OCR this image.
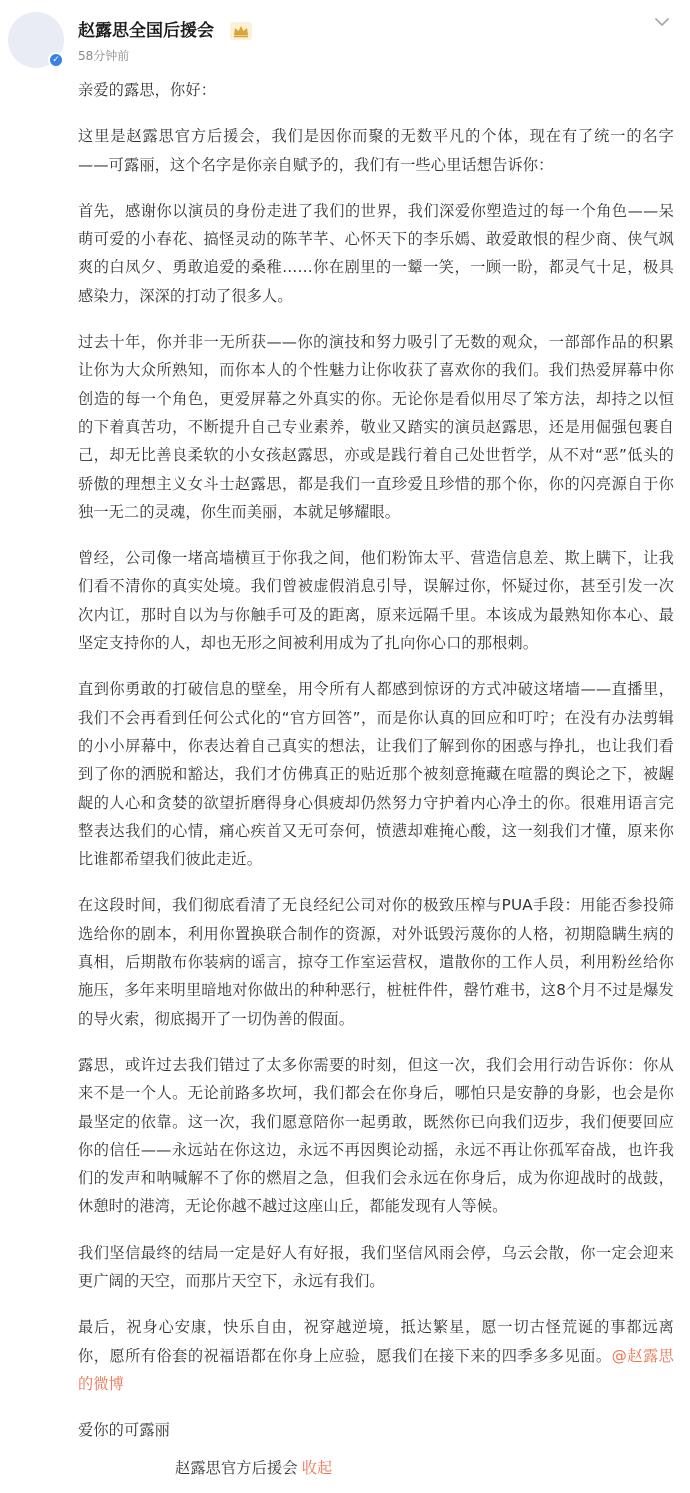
✓
赵露思全国后援会
58分钟前

亲爱的露思，你好：

这里是赵露思官方后援会，我们是因你而聚的无数平凡的个体，现在有了统一的名字——可露丽，这个名字是你亲自赋予的，我们有一些心里话想告诉你：

首先，感谢你以演员的身份走进了我们的世界，我们深爱你塑造过的每一个角色——呆萌可爱的小春花、搞怪灵动的陈芊芊、心怀天下的李乐嫣、敢爱敢恨的程少商、侠气飒爽的白凤夕、勇敢追爱的桑稚……你在剧里的一颦一笑，一顾一盼，都灵气十足，极具感染力，深深的打动了很多人。

过去十年，你并非一无所获——你的演技和努力吸引了无数的观众，一部部作品的积累让你为大众所熟知，而你本人的个性魅力让你收获了喜欢你的我们。我们热爱屏幕中你创造的每一个角色，更爱屏幕之外真实的你。无论你是看似用尽了笨方法，却持之以恒的下着真苦功，不断提升自己专业素养，敬业又踏实的演员赵露思，还是用倔强包裹自己，却无比善良柔软的小女孩赵露思，亦或是践行着自己处世哲学，从不对“恶”低头的骄傲的理想主义女斗士赵露思，都是我们一直珍爱且珍惜的那个你，你的闪亮源自于你独一无二的灵魂，你生而美丽，本就足够耀眼。

曾经，公司像一堵高墙横亘于你我之间，他们粉饰太平、营造信息差、欺上瞒下，让我们看不清你的真实处境。我们曾被虚假消息引导，误解过你，怀疑过你，甚至引发一次次内讧，那时自以为与你触手可及的距离，原来远隔千里。本该成为最熟知你本心、最坚定支持你的人，却也无形之间被利用成为了扎向你心口的那根刺。

直到你勇敢的打破信息的壁垒，用令所有人都感到惊讶的方式冲破这堵墙——直播里，我们不会再看到任何公式化的“官方回答”，而是你认真的回应和叮咛；在没有办法剪辑的小小屏幕中，你表达着自己真实的想法，让我们了解到你的困惑与挣扎，也让我们看到了你的洒脱和豁达，我们才仿佛真正的贴近那个被刻意掩藏在喧嚣的舆论之下，被龌龊的人心和贪婪的欲望折磨得身心俱疲却仍然努力守护着内心净土的你。很难用语言完整表达我们的心情，痛心疾首又无可奈何，愤懑却难掩心酸，这一刻我们才懂，原来你比谁都希望我们彼此走近。

在这段时间，我们彻底看清了无良经纪公司对你的极致压榨与PUA手段：用能否参投筛选给你的剧本，利用你置换联合制作的资源，对外诋毁污蔑你的人格，初期隐瞒生病的真相，后期散布你装病的谣言，掠夺工作室运营权，遣散你的工作人员，利用粉丝给你施压，多年来明里暗地对你做出的种种恶行，桩桩件件，罄竹难书，这8个月不过是爆发的导火索，彻底揭开了一切伪善的假面。

露思，或许过去我们错过了太多你需要的时刻，但这一次，我们会用行动告诉你：你从来不是一个人。无论前路多坎坷，我们都会在你身后，哪怕只是安静的身影，也会是你最坚定的依靠。这一次，我们愿意陪你一起勇敢，既然你已向我们迈步，我们便要回应你的信任——永远站在你这边，永远不再因舆论动摇，永远不再让你孤军奋战，也许我们的发声和呐喊解不了你的燃眉之急，但我们会永远在你身后，成为你迎战时的战鼓，休憩时的港湾，无论你越不越过这座山丘，都能发现有人等候。

我们坚信最终的结局一定是好人有好报，我们坚信风雨会停，乌云会散，你一定会迎来更广阔的天空，而那片天空下，永远有我们。

最后，祝身心安康，快乐自由，祝穿越逆境，抵达繁星，愿一切古怪荒诞的事都远离你，愿所有俗套的祝福语都在你身上应验，愿我们在接下来的四季多多见面。@赵露思的微博

爱你的可露丽

赵露思官方后援会 收起
